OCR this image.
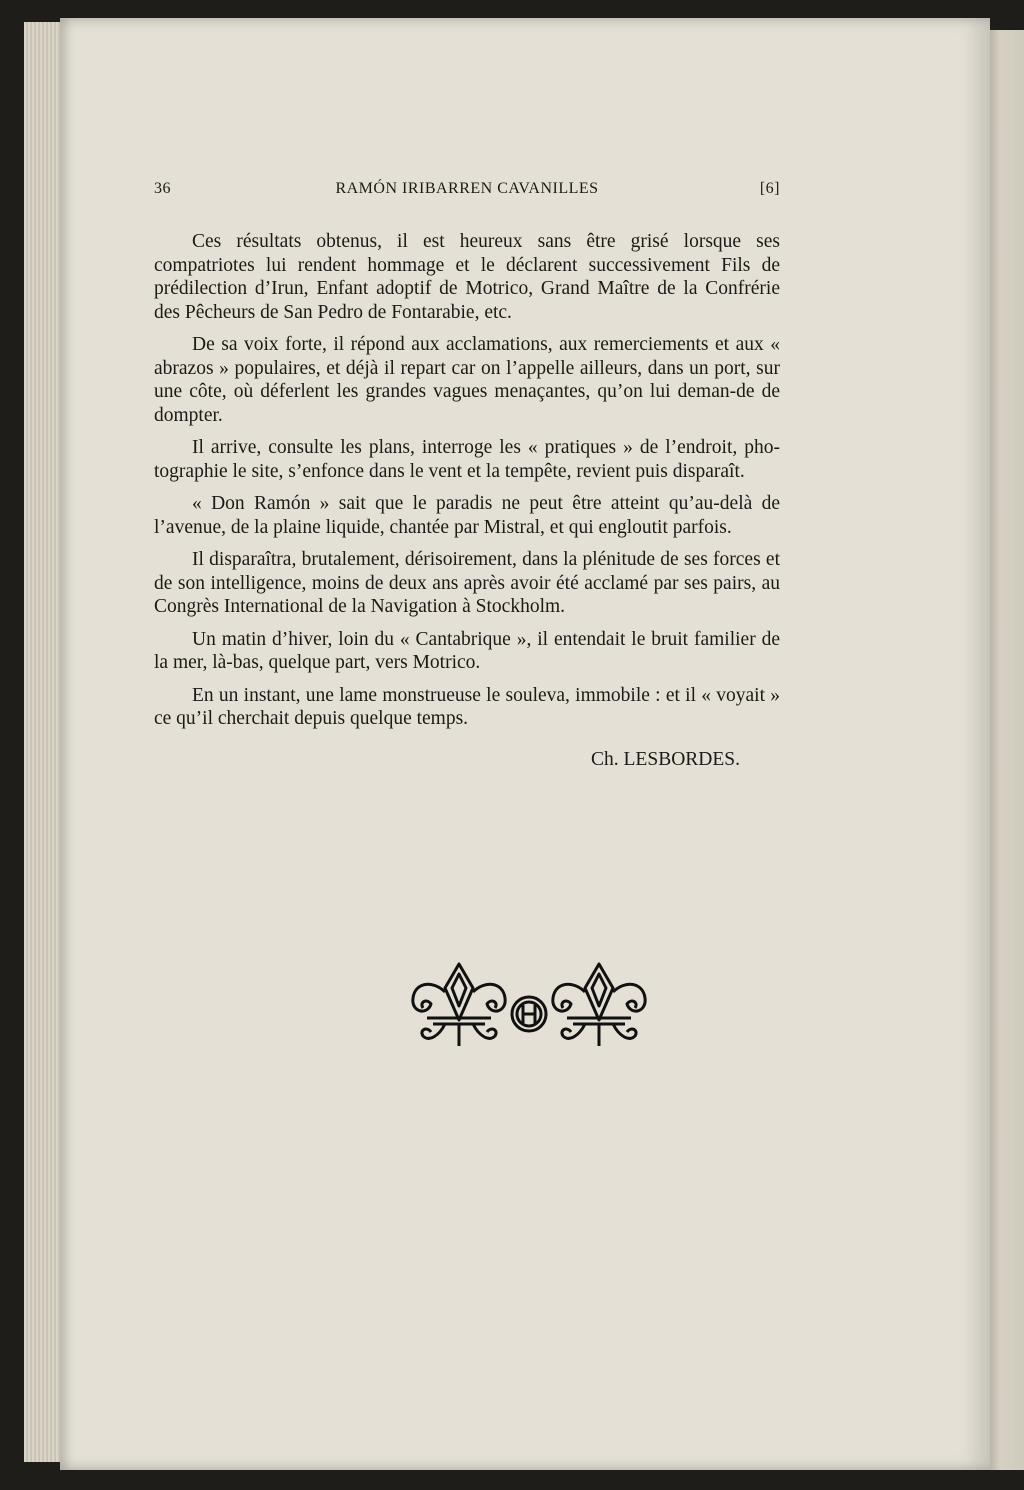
36	RAMÓN IRIBARREN CAVANILLES	[6]

Ces résultats obtenus, il est heureux sans être grisé lorsque ses compatriotes lui rendent hommage et le déclarent successivement Fils de prédilection d’Irun, Enfant adoptif de Motrico, Grand Maître de la Confrérie des Pêcheurs de San Pedro de Fontarabie, etc.

De sa voix forte, il répond aux acclamations, aux remerciements et aux « abrazos » populaires, et déjà il repart car on l’appelle ailleurs, dans un port, sur une côte, où déferlent les grandes vagues menaçantes, qu’on lui deman-de de dompter.

Il arrive, consulte les plans, interroge les « pratiques » de l’endroit, pho-tographie le site, s’enfonce dans le vent et la tempête, revient puis disparaît.

« Don Ramón » sait que le paradis ne peut être atteint qu’au-delà de l’avenue, de la plaine liquide, chantée par Mistral, et qui engloutit parfois.

Il disparaîtra, brutalement, dérisoirement, dans la plénitude de ses forces et de son intelligence, moins de deux ans après avoir été acclamé par ses pairs, au Congrès International de la Navigation à Stockholm.

Un matin d’hiver, loin du « Cantabrique », il entendait le bruit familier de la mer, là-bas, quelque part, vers Motrico.

En un instant, une lame monstrueuse le souleva, immobile : et il « voyait » ce qu’il cherchait depuis quelque temps.

Ch. LESBORDES.
